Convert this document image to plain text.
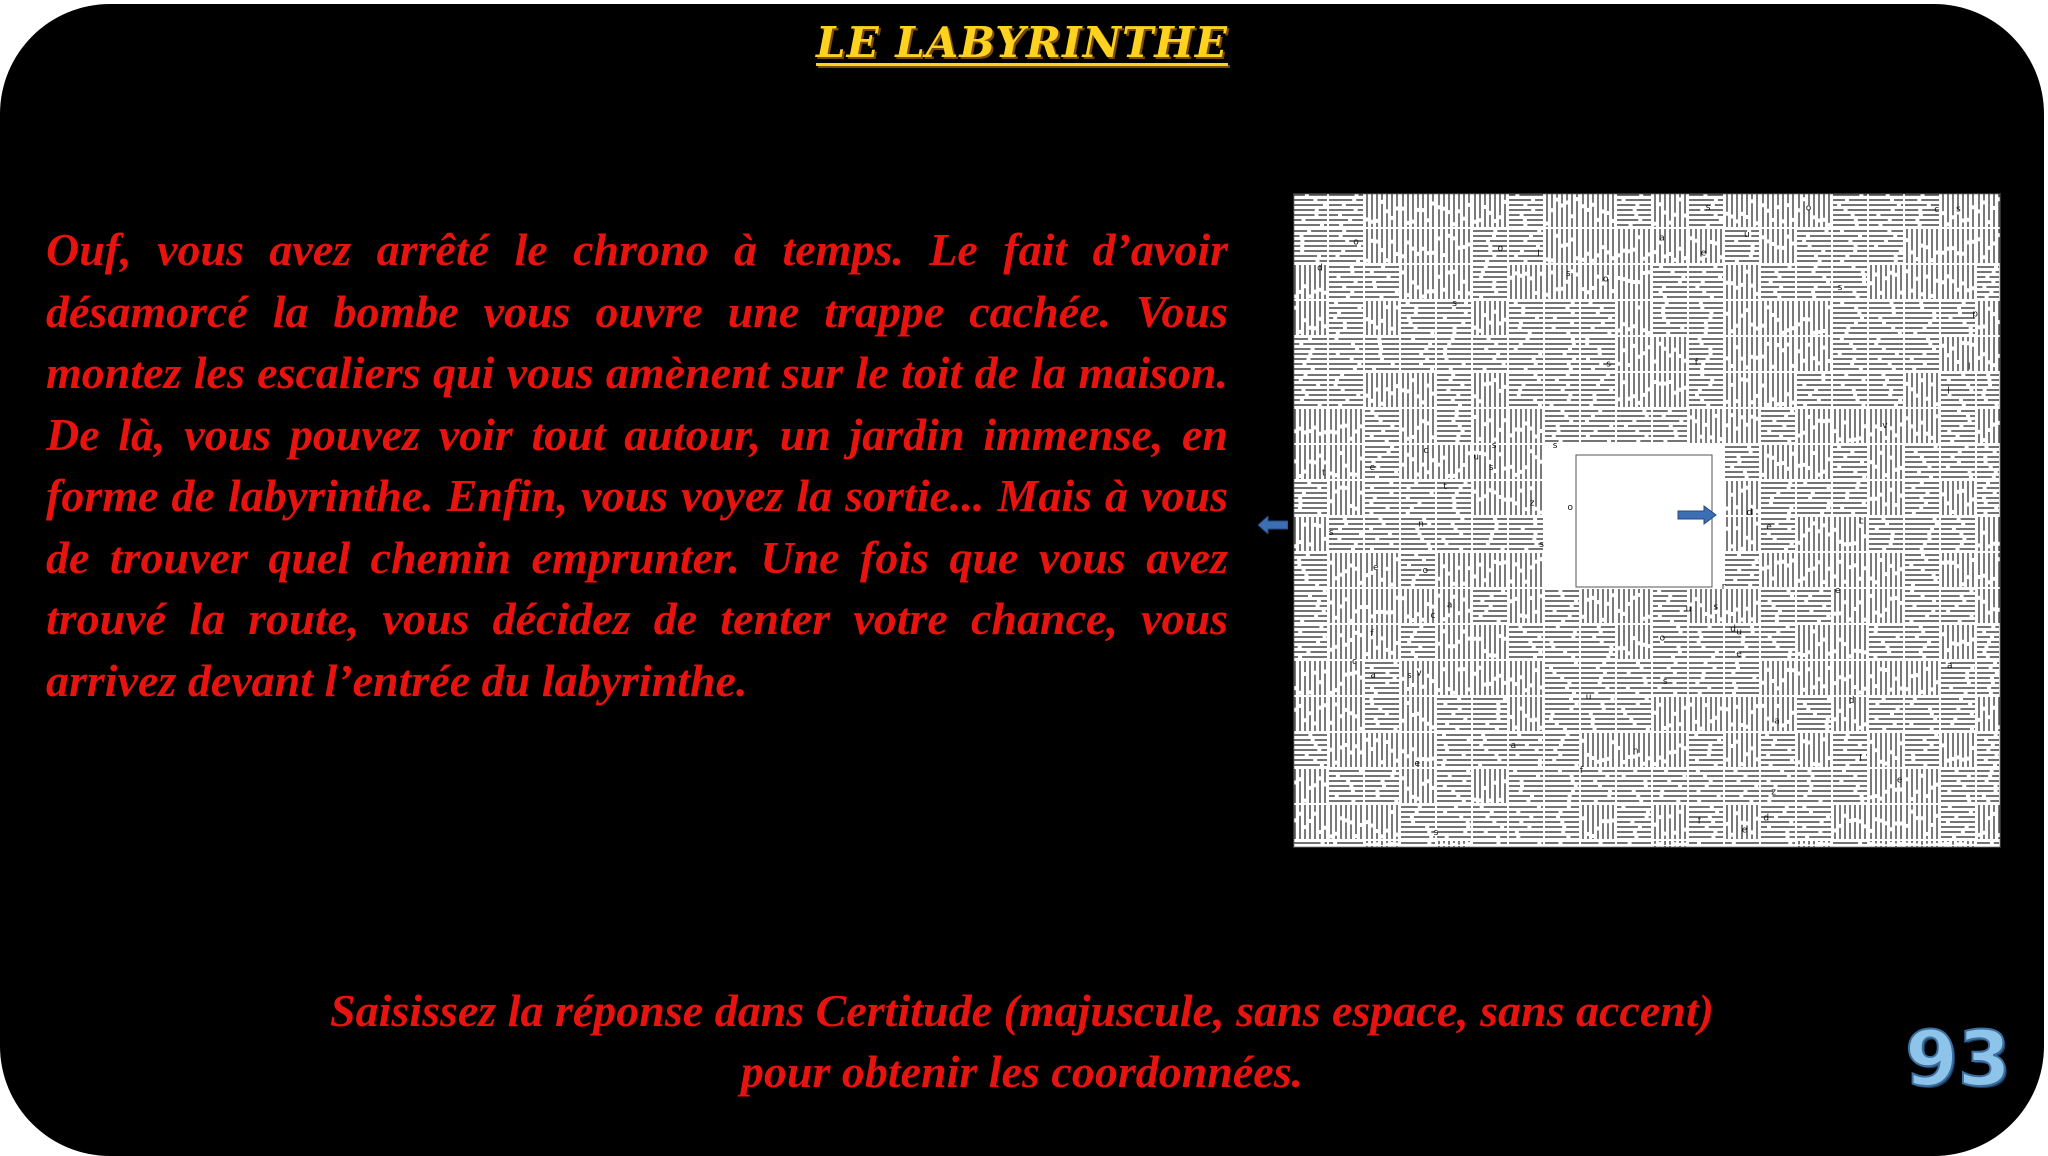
LE LABYRINTHE

Ouf, vous avez arrêté le chrono à temps. Le fait d’avoir désamorcé la bombe vous ouvre une trappe cachée. Vous montez les escaliers qui vous amènent sur le toit de la maison. De là, vous pouvez voir tout autour, un jardin immense, en forme de labyrinthe. Enfin, vous voyez la sortie... Mais à vous de trouver quel chemin emprunter. Une fois que vous avez trouvé la route, vous décidez de tenter votre chance, vous arrivez devant l’entrée du labyrinthe.

c
u
s
o
d
u
a
d
z
u
f
s
f
s
r
t
o
d
s
d
p
o
t
s
s
l
c
s
o
o
e
n
z
a
c
s
s
n
s
s
l
f
c
e
a
e
l
d
e
u
a
e
s
a
o
s
o
s
f
c
e
e
l
u
e
e
v
v
a
s
Saisissez la réponse dans Certitude (majuscule, sans espace, sans accent)
pour obtenir les coordonnées.	93
